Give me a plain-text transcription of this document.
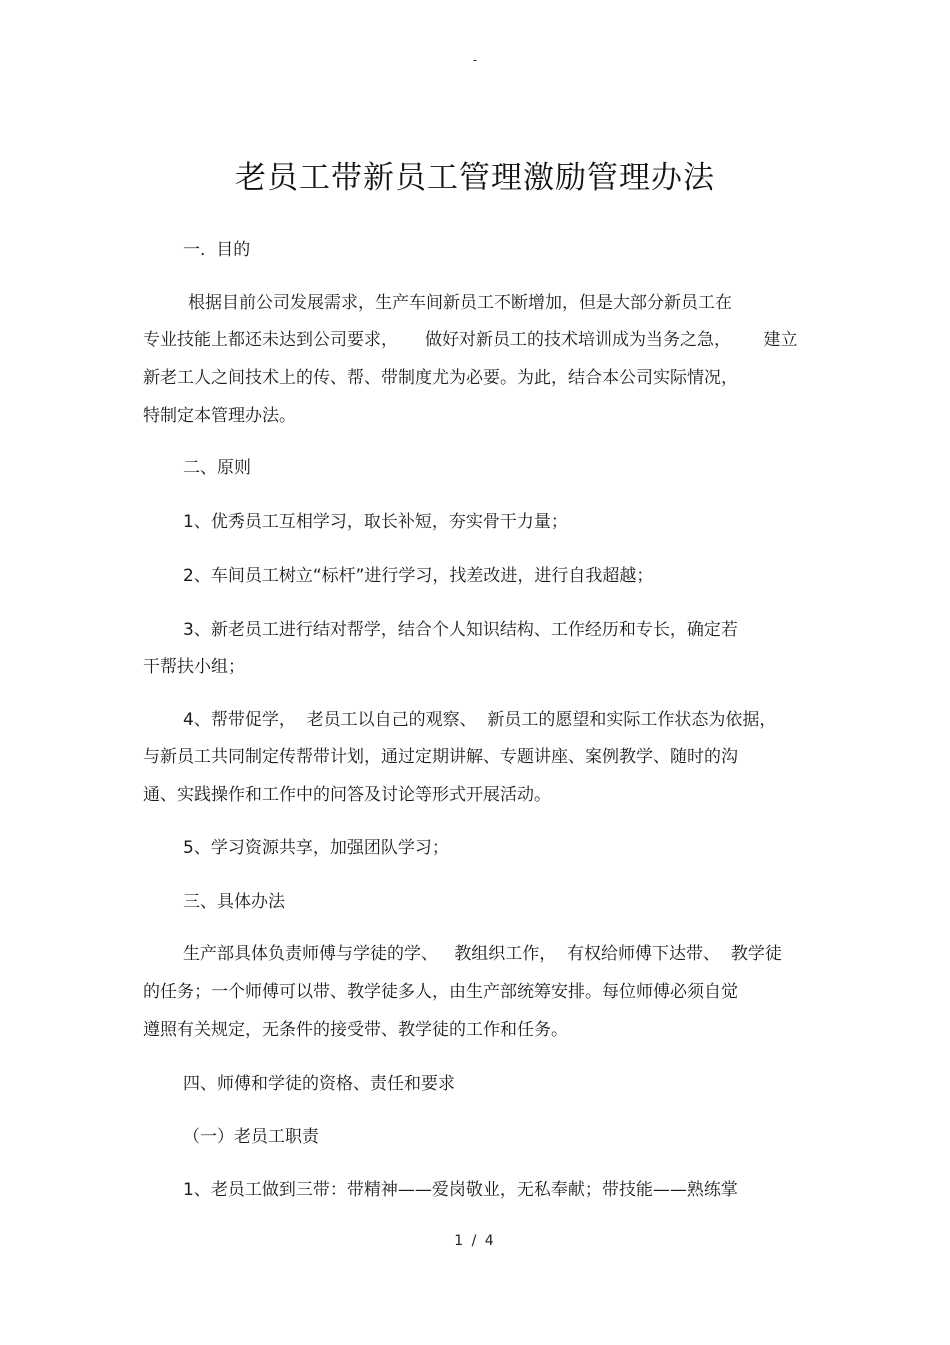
-
老员工带新员工管理激励管理办法
一.  目的
根据目前公司发展需求，生产车间新员工不断增加，但是大部分新员工在
专业技能上都还未达到公司要求，     做好对新员工的技术培训成为当务之急，      建立
新老工人之间技术上的传、帮、带制度尤为必要。为此，结合本公司实际情况，
特制定本管理办法。
二、原则
1、优秀员工互相学习，取长补短，夯实骨干力量；
2、车间员工树立“标杆”进行学习，找差改进，进行自我超越；
3、新老员工进行结对帮学，结合个人知识结构、工作经历和专长，确定若
干帮扶小组；
4、帮带促学，  老员工以自己的观察、  新员工的愿望和实际工作状态为依据，
与新员工共同制定传帮带计划，通过定期讲解、专题讲座、案例教学、随时的沟
通、实践操作和工作中的问答及讨论等形式开展活动。
5、学习资源共享，加强团队学习；
三、具体办法
生产部具体负责师傅与学徒的学、   教组织工作，  有权给师傅下达带、  教学徒
的任务；一个师傅可以带、教学徒多人，由生产部统筹安排。每位师傅必须自觉
遵照有关规定，无条件的接受带、教学徒的工作和任务。
四、师傅和学徒的资格、责任和要求
（一）老员工职责
1、老员工做到三带：带精神——爱岗敬业，无私奉献；带技能——熟练掌
1 / 4
